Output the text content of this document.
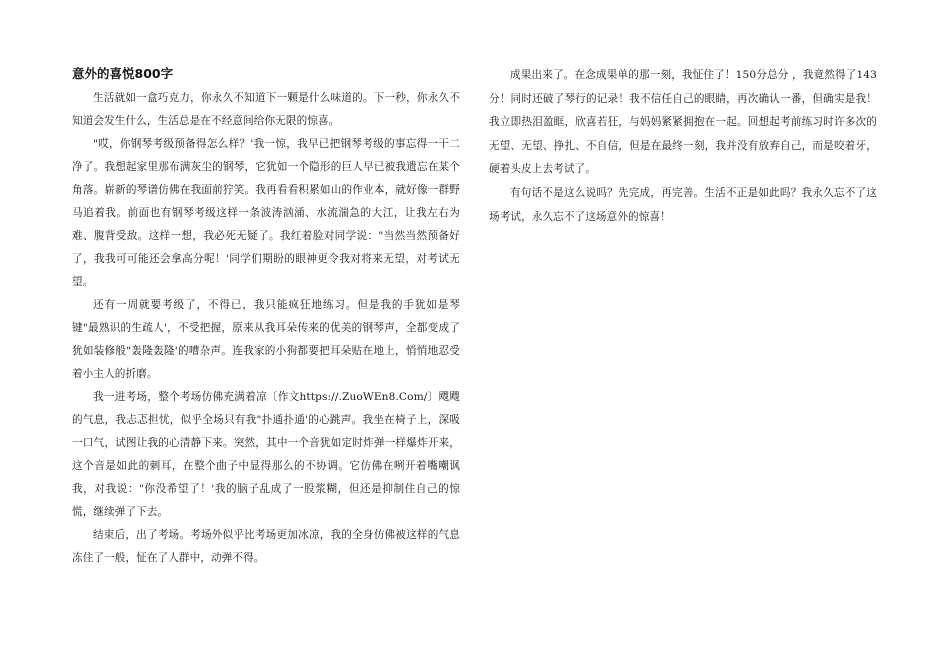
意外的喜悦800字

生活就如一盒巧克力，你永久不知道下一颗是什么味道的。下一秒，你永久不知道会发生什么，生活总是在不经意间给你无限的惊喜。

"哎，你钢琴考级预备得怎么样？'我一惊，我早已把钢琴考级的事忘得一干二净了。我想起家里那布满灰尘的钢琴，它犹如一个隐形的巨人早已被我遗忘在某个角落。崭新的琴谱仿佛在我面前狞笑。我再看看积累如山的作业本，就好像一群野马追着我。前面也有钢琴考级这样一条波涛汹涌、水流湍急的大江，让我左右为难、腹背受敌。这样一想，我必死无疑了。我红着脸对同学说："当然当然预备好了，我我可可能还会拿高分呢！'同学们期盼的眼神更令我对将来无望，对考试无望。

还有一周就要考级了，不得已，我只能疯狂地练习。但是我的手犹如是琴键"最熟识的生疏人'，不受把握，原来从我耳朵传来的优美的钢琴声，全都变成了犹如装修般"轰隆轰隆'的嘈杂声。连我家的小狗都要把耳朵贴在地上，悄悄地忍受着小主人的折磨。

我一进考场，整个考场仿佛充满着凉〔作文https://.ZuoWEn8.Com/〕飕飕的气息，我忐忑担忧，似乎全场只有我"扑通扑通'的心跳声。我坐在椅子上，深吸一口气，试图让我的心清静下来。突然，其中一个音犹如定时炸弹一样爆炸开来，这个音是如此的刺耳，在整个曲子中显得那么的不协调。它仿佛在咧开着嘴嘲讽我，对我说："你没希望了！'我的脑子乱成了一股浆糊，但还是抑制住自己的惊慌，继续弹了下去。

结束后，出了考场。考场外似乎比考场更加冰凉，我的全身仿佛被这样的气息冻住了一般，怔在了人群中，动弹不得。

成果出来了。在念成果单的那一刻，我怔住了！150分总分 ，我竟然得了143分！同时还破了琴行的记录！我不信任自己的眼睛，再次确认一番，但确实是我！我立即热泪盈眶，欣喜若狂，与妈妈紧紧拥抱在一起。回想起考前练习时许多次的无望、无望、挣扎、不自信，但是在最终一刻，我并没有放弃自己，而是咬着牙，硬着头皮上去考试了。

有句话不是这么说吗？先完成，再完善。生活不正是如此吗？我永久忘不了这场考试，永久忘不了这场意外的惊喜！
